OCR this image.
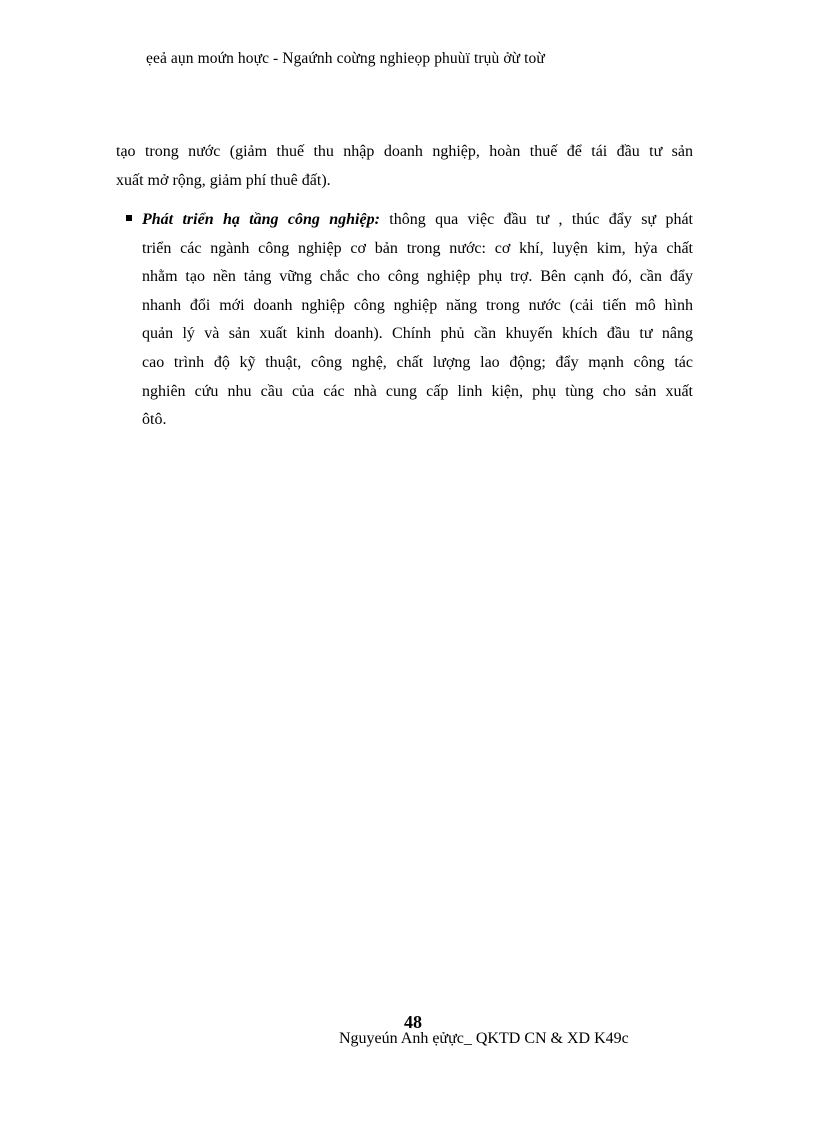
ẹeả aụn moứn hoực - Ngaứnh coừng nghieọp phuùï trụù ởừ toừ
tạo trong nước (giảm thuế thu nhập doanh nghiệp, hoàn thuế để tái đầu tư sản
xuất mở rộng, giảm phí thuê đất).
Phát triển hạ tầng công nghiệp: thông qua việc đầu tư , thúc đẩy sự phát
triển các ngành công nghiệp cơ bản trong nước: cơ khí, luyện kim, hỷa chất
nhằm tạo nền tảng vững chắc cho công nghiệp phụ trợ. Bên cạnh đó, cần đẩy
nhanh đổi mới doanh nghiệp công nghiệp năng trong nước (cải tiến mô hình
quản lý và sản xuất kinh doanh). Chính phủ cần khuyến khích đầu tư nâng
cao trình độ kỹ thuật, công nghệ, chất lượng lao động; đẩy mạnh công tác
nghiên cứu nhu cầu của các nhà cung cấp linh kiện, phụ tùng cho sản xuất
ôtô.
48
Nguyeún Anh ẹửực_ QKTD CN & XD K49c
